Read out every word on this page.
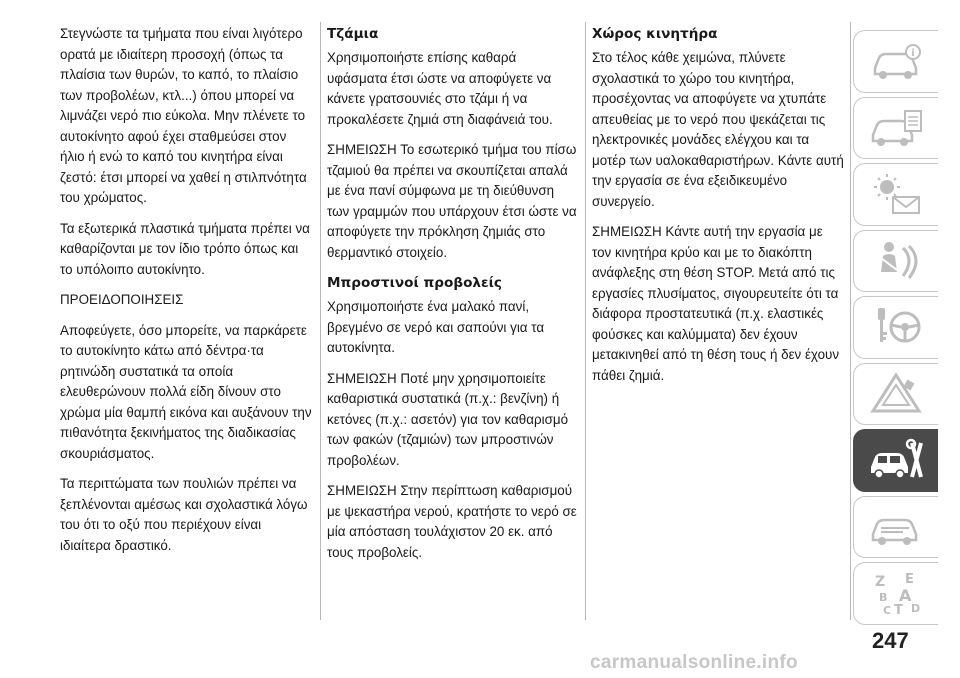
Στεγνώστε τα τμήματα που είναι λιγότερο ορατά με ιδιαίτερη προσοχή (όπως τα πλαίσια των θυρών, το καπό, το πλαίσιο των προβολέων, κτλ...) όπου μπορεί να λιμνάζει νερό πιο εύκολα. Μην πλένετε το αυτοκίνητο αφού έχει σταθμεύσει στον ήλιο ή ενώ το καπό του κινητήρα είναι ζεστό: έτσι μπορεί να χαθεί η στιλπνότητα του χρώματος.

Τα εξωτερικά πλαστικά τμήματα πρέπει να καθαρίζονται με τον ίδιο τρόπο όπως και το υπόλοιπο αυτοκίνητο.

ΠΡΟΕΙΔΟΠΟΙΗΣΕΙΣ

Αποφεύγετε, όσο μπορείτε, να παρκάρετε το αυτοκίνητο κάτω από δέντρα·τα ρητινώδη συστατικά τα οποία ελευθερώνουν πολλά είδη δίνουν στο χρώμα μία θαμπή εικόνα και αυξάνουν την πιθανότητα ξεκινήματος της διαδικασίας σκουριάσματος.

Τα περιττώματα των πουλιών πρέπει να ξεπλένονται αμέσως και σχολαστικά λόγω του ότι το οξύ που περιέχουν είναι ιδιαίτερα δραστικό.

Τζάμια

Χρησιμοποιήστε επίσης καθαρά υφάσματα έτσι ώστε να αποφύγετε να κάνετε γρατσουνιές στο τζάμι ή να προκαλέσετε ζημιά στη διαφάνειά του.

ΣΗΜΕΙΩΣΗ Το εσωτερικό τμήμα του πίσω τζαμιού θα πρέπει να σκουπίζεται απαλά με ένα πανί σύμφωνα με τη διεύθυνση των γραμμών που υπάρχουν έτσι ώστε να αποφύγετε την πρόκληση ζημιάς στο θερμαντικό στοιχείο.

Μπροστινοί προβολείς

Χρησιμοποιήστε ένα μαλακό πανί, βρεγμένο σε νερό και σαπούνι για τα αυτοκίνητα.

ΣΗΜΕΙΩΣΗ Ποτέ μην χρησιμοποιείτε καθαριστικά συστατικά (π.χ.: βενζίνη) ή κετόνες (π.χ.: ασετόν) για τον καθαρισμό των φακών (τζαμιών) των μπροστινών προβολέων.

ΣΗΜΕΙΩΣΗ Στην περίπτωση καθαρισμού με ψεκαστήρα νερού, κρατήστε το νερό σε μία απόσταση τουλάχιστον 20 εκ. από τους προβολείς.

Χώρος κινητήρα

Στο τέλος κάθε χειμώνα, πλύνετε σχολαστικά το χώρο του κινητήρα, προσέχοντας να αποφύγετε να χτυπάτε απευθείας με το νερό που ψεκάζεται τις ηλεκτρονικές μονάδες ελέγχου και τα μοτέρ των υαλοκαθαριστήρων. Κάντε αυτή την εργασία σε ένα εξειδικευμένο συνεργείο.

ΣΗΜΕΙΩΣΗ Κάντε αυτή την εργασία με τον κινητήρα κρύο και με το διακόπτη ανάφλεξης στη θέση STOP. Μετά από τις εργασίες πλυσίματος, σιγουρευτείτε ότι τα διάφορα προστατευτικά (π.χ. ελαστικές φούσκες και καλύμματα) δεν έχουν μετακινηθεί από τη θέση τους ή δεν έχουν πάθει ζημιά.

i
Z E
B A
C T D
247
carmanualsonline.info
